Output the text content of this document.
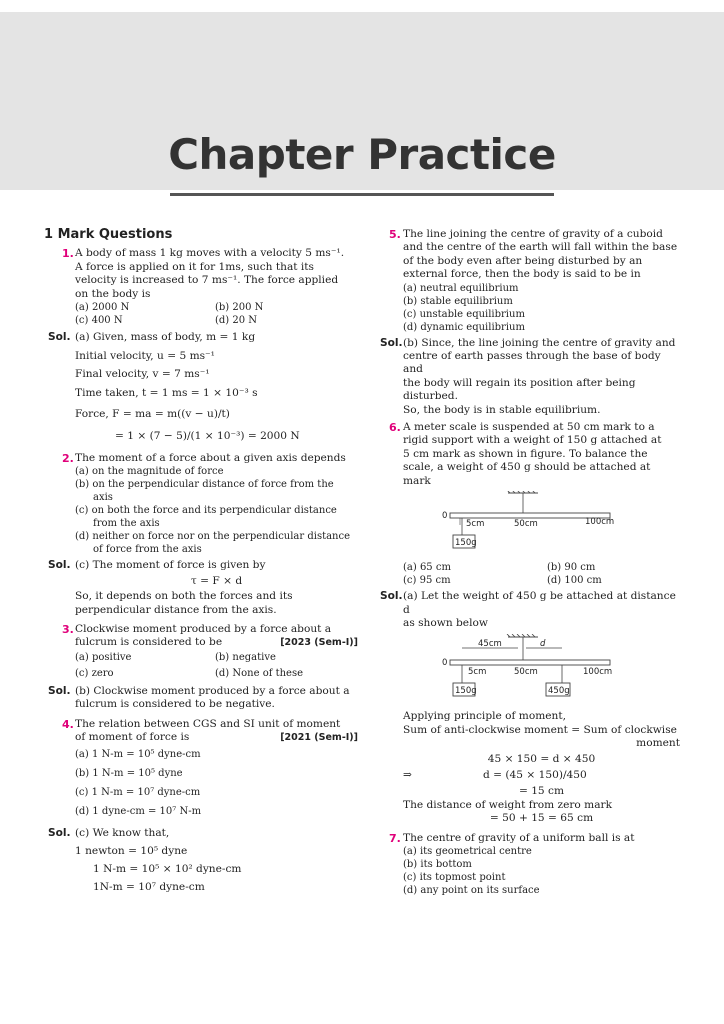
Chapter Practice
1 Mark Questions
1. A body of mass 1 kg moves with a velocity 5 ms⁻¹.
A force is applied on it for 1ms, such that its
velocity is increased to 7 ms⁻¹. The force applied
on the body is
(a) 2000 N	(b) 200 N
(c) 400 N	(d) 20 N
Sol. (a) Given, mass of body, m = 1 kg
Initial velocity, u = 5 ms⁻¹
Final velocity, v = 7 ms⁻¹
Time taken, t = 1 ms = 1 × 10⁻³ s
Force, F = ma = m((v − u)/t)
= 1 × (7 − 5)/(1 × 10⁻³) = 2000 N
2. The moment of a force about a given axis depends
(a) on the magnitude of force
(b) on the perpendicular distance of force from the
axis
(c) on both the force and its perpendicular distance
from the axis
(d) neither on force nor on the perpendicular distance
of force from the axis
Sol. (c) The moment of force is given by
τ = F × d
So, it depends on both the forces and its
perpendicular distance from the axis.
3. Clockwise moment produced by a force about a
fulcrum is considered to be	[2023 (Sem-I)]
(a) positive	(b) negative
(c) zero	(d) None of these
Sol. (b) Clockwise moment produced by a force about a
fulcrum is considered to be negative.
4. The relation between CGS and SI unit of moment
of moment of force is	[2021 (Sem-I)]
(a) 1 N-m = 10⁵ dyne-cm
(b) 1 N-m = 10⁵ dyne
(c) 1 N-m = 10⁷ dyne-cm
(d) 1 dyne-cm = 10⁷ N-m
Sol. (c) We know that,
1 newton = 10⁵ dyne
1 N-m = 10⁵ × 10² dyne-cm
1N-m = 10⁷ dyne-cm
5. The line joining the centre of gravity of a cuboid
and the centre of the earth will fall within the base
of the body even after being disturbed by an
external force, then the body is said to be in
(a) neutral equilibrium
(b) stable equilibrium
(c) unstable equilibrium
(d) dynamic equilibrium
Sol. (b) Since, the line joining the centre of gravity and
centre of earth passes through the base of body and
the body will regain its position after being disturbed.
So, the body is in stable equilibrium.
6. A meter scale is suspended at 50 cm mark to a
rigid support with a weight of 150 g attached at
5 cm mark as shown in figure. To balance the
scale, a weight of 450 g should be attached at
mark
0
5cm	50cm	100cm
150g
(a) 65 cm	(b) 90 cm
(c) 95 cm	(d) 100 cm
Sol. (a) Let the weight of 450 g be attached at distance d
as shown below
45cm	d
0
5cm	50cm	100cm
150g	450g
Applying principle of moment,
Sum of anti-clockwise moment = Sum of clockwise
moment
45 × 150 = d × 450
⇒	d = (45 × 150)/450
= 15 cm
The distance of weight from zero mark
= 50 + 15 = 65 cm
7. The centre of gravity of a uniform ball is at
(a) its geometrical centre
(b) its bottom
(c) its topmost point
(d) any point on its surface
